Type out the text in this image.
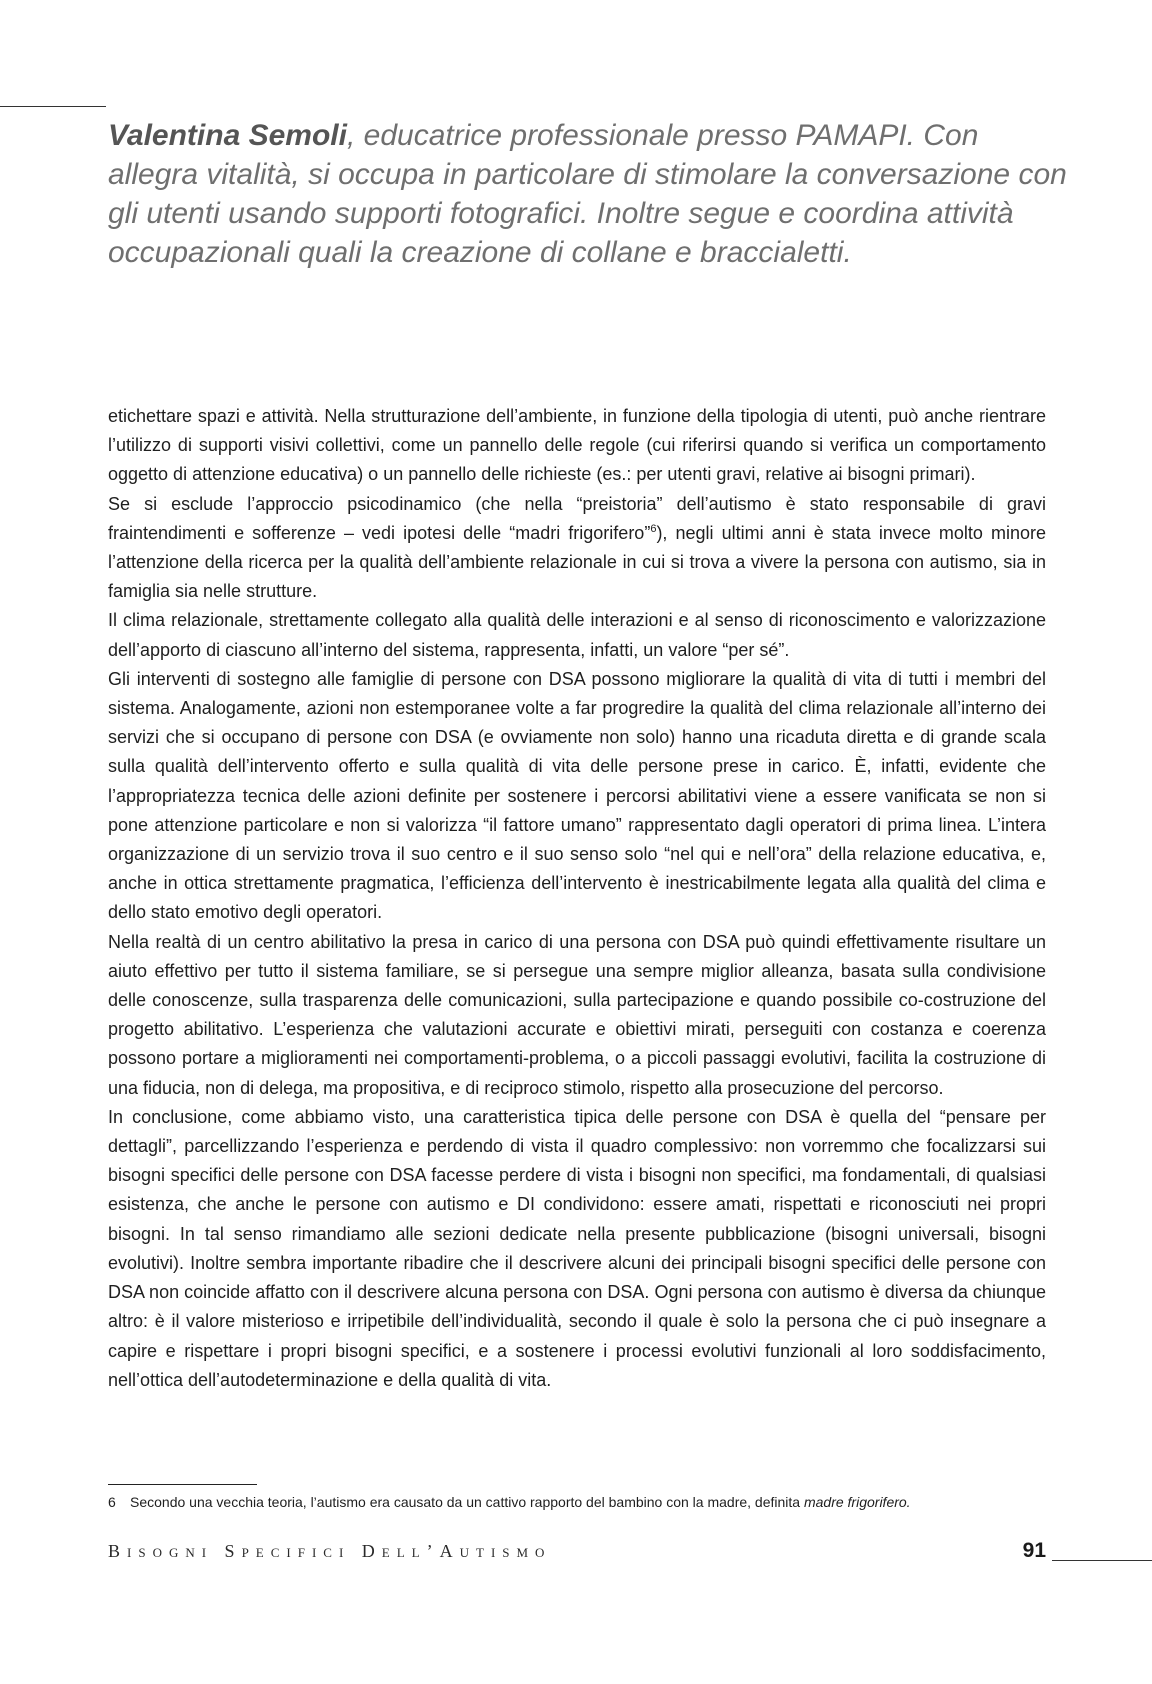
Valentina Semoli, educatrice professionale presso PAMAPI. Con allegra vitalità, si occupa in particolare di stimolare la conversazione con gli utenti usando supporti fotografici. Inoltre segue e coordina attività occupazionali quali la creazione di collane e braccialetti.

etichettare spazi e attività. Nella strutturazione dell’ambiente, in funzione della tipologia di utenti, può anche rientrare l’utilizzo di supporti visivi collettivi, come un pannello delle regole (cui riferirsi quando si verifica un comportamento oggetto di attenzione educativa) o un pannello delle richieste (es.: per utenti gravi, relative ai bisogni primari).

Se si esclude l’approccio psicodinamico (che nella “preistoria” dell’autismo è stato responsabile di gravi fraintendimenti e sofferenze – vedi ipotesi delle “madri frigorifero”$^6$), negli ultimi anni è stata invece molto minore l’attenzione della ricerca per la qualità dell’ambiente relazionale in cui si trova a vivere la persona con autismo, sia in famiglia sia nelle strutture.

Il clima relazionale, strettamente collegato alla qualità delle interazioni e al senso di riconoscimento e valorizzazione dell’apporto di ciascuno all’interno del sistema, rappresenta, infatti, un valore “per sé”.

Gli interventi di sostegno alle famiglie di persone con DSA possono migliorare la qualità di vita di tutti i membri del sistema. Analogamente, azioni non estemporanee volte a far progredire la qualità del clima relazionale all’interno dei servizi che si occupano di persone con DSA (e ovviamente non solo) hanno una ricaduta diretta e di grande scala sulla qualità dell’intervento offerto e sulla qualità di vita delle persone prese in carico. È, infatti, evidente che l’appropriatezza tecnica delle azioni definite per sostenere i percorsi abilitativi viene a essere vanificata se non si pone attenzione particolare e non si valorizza “il fattore umano” rappresentato dagli operatori di prima linea. L’intera organizzazione di un servizio trova il suo centro e il suo senso solo “nel qui e nell’ora” della relazione educativa, e, anche in ottica strettamente pragmatica, l’efficienza dell’intervento è inestricabilmente legata alla qualità del clima e dello stato emotivo degli operatori.

Nella realtà di un centro abilitativo la presa in carico di una persona con DSA può quindi effettivamente risultare un aiuto effettivo per tutto il sistema familiare, se si persegue una sempre miglior alleanza, basata sulla condivisione delle conoscenze, sulla trasparenza delle comunicazioni, sulla partecipazione e quando possibile co-costruzione del progetto abilitativo. L’esperienza che valutazioni accurate e obiettivi mirati, perseguiti con costanza e coerenza possono portare a miglioramenti nei comportamenti-problema, o a piccoli passaggi evolutivi, facilita la costruzione di una fiducia, non di delega, ma propositiva, e di reciproco stimolo, rispetto alla prosecuzione del percorso.

In conclusione, come abbiamo visto, una caratteristica tipica delle persone con DSA è quella del “pensare per dettagli”, parcellizzando l’esperienza e perdendo di vista il quadro complessivo: non vorremmo che focalizzarsi sui bisogni specifici delle persone con DSA facesse perdere di vista i bisogni non specifici, ma fondamentali, di qualsiasi esistenza, che anche le persone con autismo e DI condividono: essere amati, rispettati e riconosciuti nei propri bisogni. In tal senso rimandiamo alle sezioni dedicate nella presente pubblicazione (bisogni universali, bisogni evolutivi). Inoltre sembra importante ribadire che il descrivere alcuni dei principali bisogni specifici delle persone con DSA non coincide affatto con il descrivere alcuna persona con DSA. Ogni persona con autismo è diversa da chiunque altro: è il valore misterioso e irripetibile dell’individualità, secondo il quale è solo la persona che ci può insegnare a capire e rispettare i propri bisogni specifici, e a sostenere i processi evolutivi funzionali al loro soddisfacimento, nell’ottica dell’autodeterminazione e della qualità di vita.

6 Secondo una vecchia teoria, l’autismo era causato da un cattivo rapporto del bambino con la madre, definita madre frigorifero.
Bisogni Specifici Dell’Autismo	91
